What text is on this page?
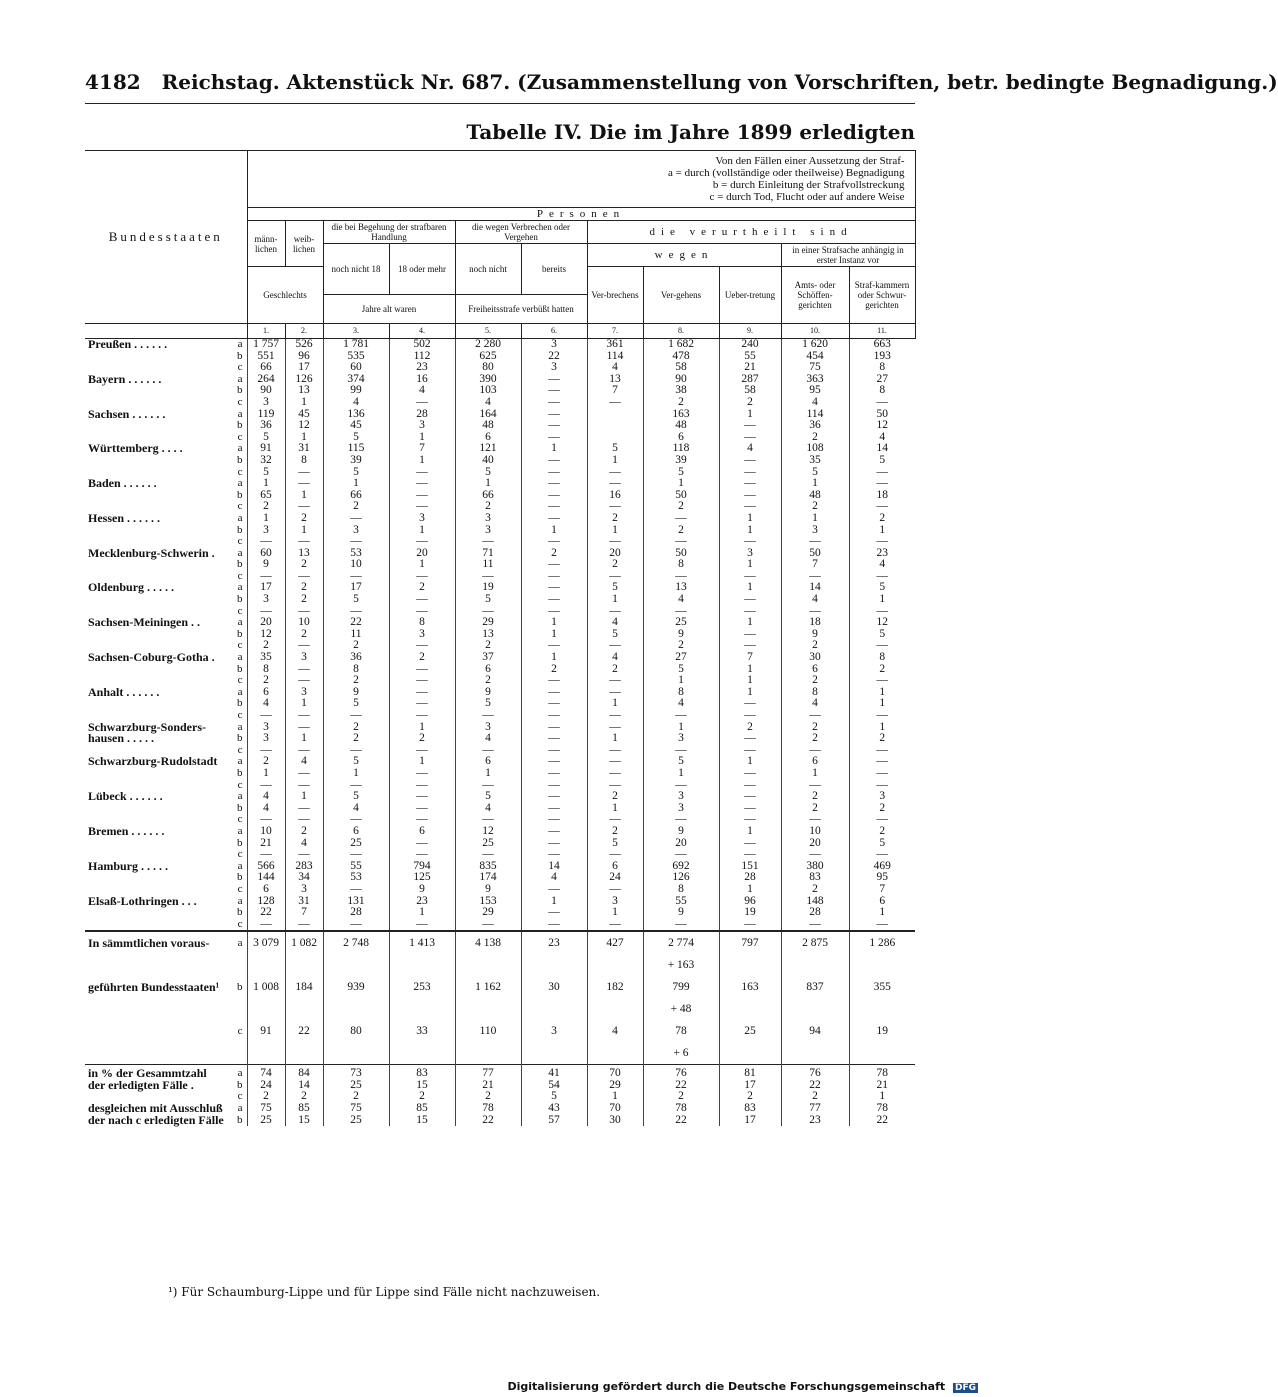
4182 Reichstag. Aktenstück Nr. 687. (Zusammenstellung von Vorschriften, betr. bedingte Begnadigung.)
Tabelle IV. Die im Jahre 1899 erledigten
Bundesstaaten		Von den Fällen einer Aussetzung der Straf-
a = durch (vollständige oder theilweise) Begnadigung
b = durch Einleitung der Strafvollstreckung
c = durch Tod, Flucht oder auf andere Weise										

		Personen										
		männ-lichen	weib-lichen	die bei Begehung der strafbaren Handlung		die wegen Verbrechen oder Vergehen		die verurtheilt sind				
				noch nicht 18	18 oder mehr	noch nicht	bereits	wegen			in einer Strafsache anhängig in erster Instanz vor	
		Geschlechts						Ver-brechens	Ver-gehens	Ueber-tretung	Amts- oder Schöffen-gerichten	Straf-kammern oder Schwur-gerichten
				Jahre alt waren		Freiheitsstrafe verbüßt hatten						
		1.	2.	3.	4.	5.	6.	7.	8.	9.	10.	11.
Preußen . . . . . .	a	1 757	526	1 781	502	2 280	3	361	1 682	240	1 620	663
	b	551	96	535	112	625	22	114	478	55	454	193
	c	66	17	60	23	80	3	4	58	21	75	8
Bayern . . . . . .	a	264	126	374	16	390	—	13	90	287	363	27
	b	90	13	99	4	103	—	7	38	58	95	8
	c	3	1	4	—	4	—	—	2	2	4	—
Sachsen . . . . . .	a	119	45	136	28	164	—		163	1	114	50
	b	36	12	45	3	48	—		48	—	36	12
	c	5	1	5	1	6	—		6	—	2	4
Württemberg . . . .	a	91	31	115	7	121	1	5	118	4	108	14
	b	32	8	39	1	40	—	1	39	—	35	5
	c	5	—	5	—	5	—	—	5	—	5	—
Baden . . . . . .	a	1	—	1	—	1	—	—	1	—	1	—
	b	65	1	66	—	66	—	16	50	—	48	18
	c	2	—	2	—	2	—	—	2	—	2	—
Hessen . . . . . .	a	1	2	—	3	3	—	2	—	1	1	2
	b	3	1	3	1	3	1	1	2	1	3	1
	c	—	—	—	—	—	—	—	—	—	—	—
Mecklenburg-Schwerin .	a	60	13	53	20	71	2	20	50	3	50	23
	b	9	2	10	1	11	—	2	8	1	7	4
	c	—	—	—	—	—	—	—	—	—	—	—
Oldenburg . . . . .	a	17	2	17	2	19	—	5	13	1	14	5
	b	3	2	5	—	5	—	1	4	—	4	1
	c	—	—	—	—	—	—	—	—	—	—	—
Sachsen-Meiningen . .	a	20	10	22	8	29	1	4	25	1	18	12
	b	12	2	11	3	13	1	5	9	—	9	5
	c	2	—	2	—	2	—	—	2	—	2	—
Sachsen-Coburg-Gotha .	a	35	3	36	2	37	1	4	27	7	30	8
	b	8	—	8	—	6	2	2	5	1	6	2
	c	2	—	2	—	2	—	—	1	1	2	—
Anhalt . . . . . .	a	6	3	9	—	9	—	—	8	1	8	1
	b	4	1	5	—	5	—	1	4	—	4	1
	c	—	—	—	—	—	—	—	—	—	—	—
Schwarzburg-Sonders-	a	3	—	2	1	3	—	—	1	2	2	1
hausen . . . . .	b	3	1	2	2	4	—	1	3	—	2	2
	c	—	—	—	—	—	—	—	—	—	—	—
Schwarzburg-Rudolstadt	a	2	4	5	1	6	—	—	5	1	6	—
	b	1	—	1	—	1	—	—	1	—	1	—
	c	—	—	—	—	—	—	—	—	—	—	—
Lübeck . . . . . .	a	4	1	5	—	5	—	2	3	—	2	3
	b	4	—	4	—	4	—	1	3	—	2	2
	c	—	—	—	—	—	—	—	—	—	—	—
Bremen . . . . . .	a	10	2	6	6	12	—	2	9	1	10	2
	b	21	4	25	—	25	—	5	20	—	20	5
	c	—	—	—	—	—	—	—	—	—	—	—
Hamburg . . . . .	a	566	283	55	794	835	14	6	692	151	380	469
	b	144	34	53	125	174	4	24	126	28	83	95
	c	6	3	—	9	9	—	—	8	1	2	7
Elsaß-Lothringen . . .	a	128	31	131	23	153	1	3	55	96	148	6
	b	22	7	28	1	29	—	1	9	19	28	1
	c	—	—	—	—	—	—	—	—	—	—	—
In sämmtlichen voraus-	a	3 079	1 082	2 748	1 413	4 138	23	427	2 774	797	2 875	1 286
									+ 163			
geführten Bundesstaaten¹	b	1 008	184	939	253	1 162	30	182	799	163	837	355
									+ 48			
	c	91	22	80	33	110	3	4	78	25	94	19
									+ 6			
in % der Gesammtzahl	a	74	84	73	83	77	41	70	76	81	76	78
der erledigten Fälle .	b	24	14	25	15	21	54	29	22	17	22	21
	c	2	2	2	2	2	5	1	2	2	2	1
desgleichen mit Ausschluß	a	75	85	75	85	78	43	70	78	83	77	78
der nach c erledigten Fälle	b	25	15	25	15	22	57	30	22	17	23	22
¹) Für Schaumburg-Lippe und für Lippe sind Fälle nicht nachzuweisen.
Digitalisierung gefördert durch die Deutsche Forschungsgemeinschaft DFG
